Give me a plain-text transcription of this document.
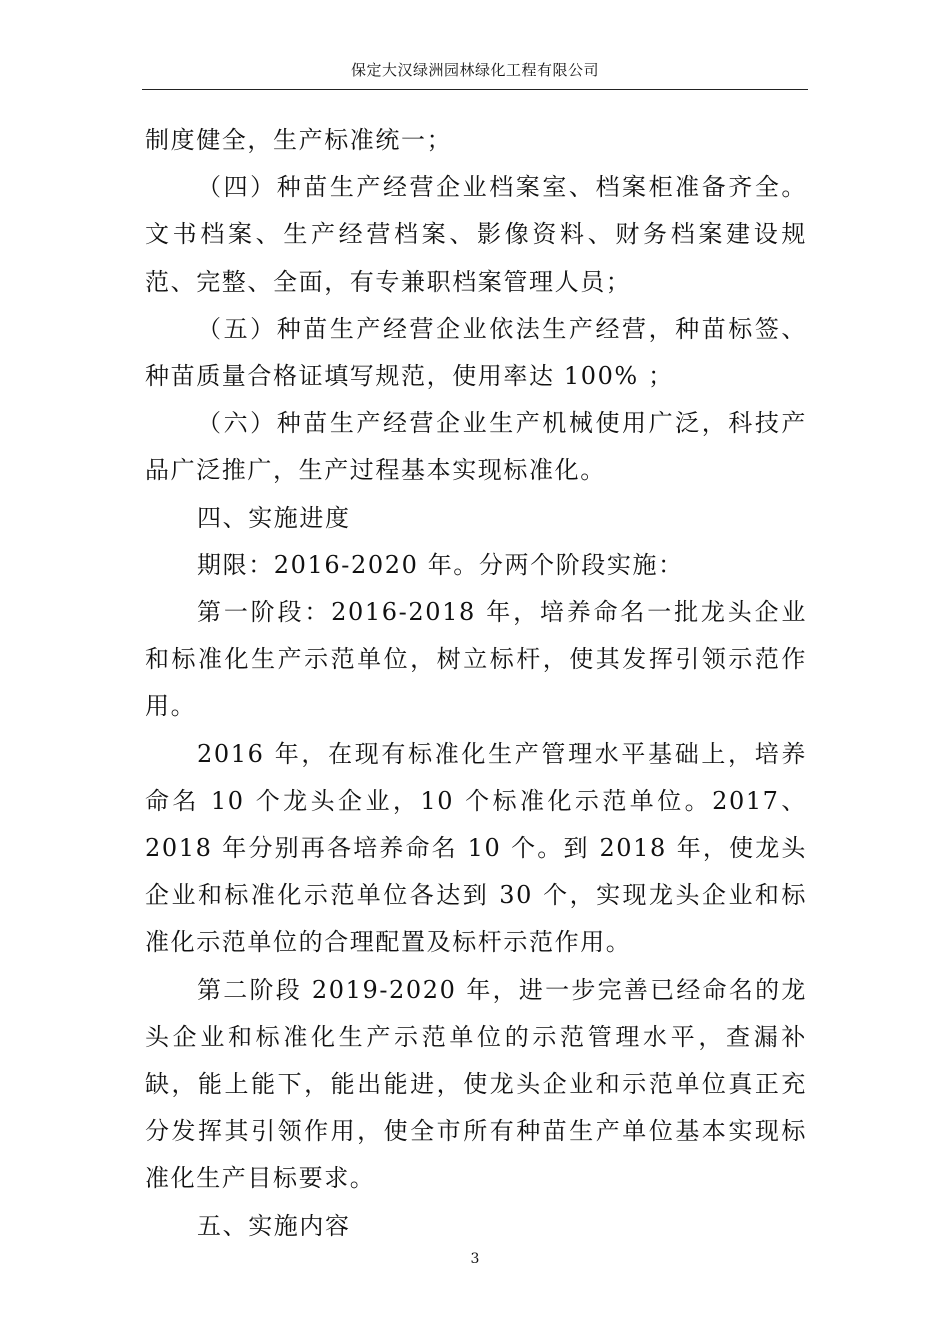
保定大汉绿洲园林绿化工程有限公司

制度健全，生产标准统一；

（四）种苗生产经营企业档案室、档案柜准备齐全。文书档案、生产经营档案、影像资料、财务档案建设规范、完整、全面，有专兼职档案管理人员；

（五）种苗生产经营企业依法生产经营，种苗标签、种苗质量合格证填写规范，使用率达 100% ；

（六）种苗生产经营企业生产机械使用广泛，科技产品广泛推广，生产过程基本实现标准化。

四、实施进度

期限：2016-2020 年。分两个阶段实施：

第一阶段：2016-2018 年，培养命名一批龙头企业和标准化生产示范单位，树立标杆，使其发挥引领示范作用。

2016 年，在现有标准化生产管理水平基础上，培养命名 10 个龙头企业，10 个标准化示范单位。2017、 2018 年分别再各培养命名 10 个。到 2018 年，使龙头企业和标准化示范单位各达到 30 个，实现龙头企业和标准化示范单位的合理配置及标杆示范作用。

第二阶段 2019-2020 年，进一步完善已经命名的龙头企业和标准化生产示范单位的示范管理水平，查漏补缺，能上能下，能出能进，使龙头企业和示范单位真正充分发挥其引领作用，使全市所有种苗生产单位基本实现标准化生产目标要求。

五、实施内容

3
